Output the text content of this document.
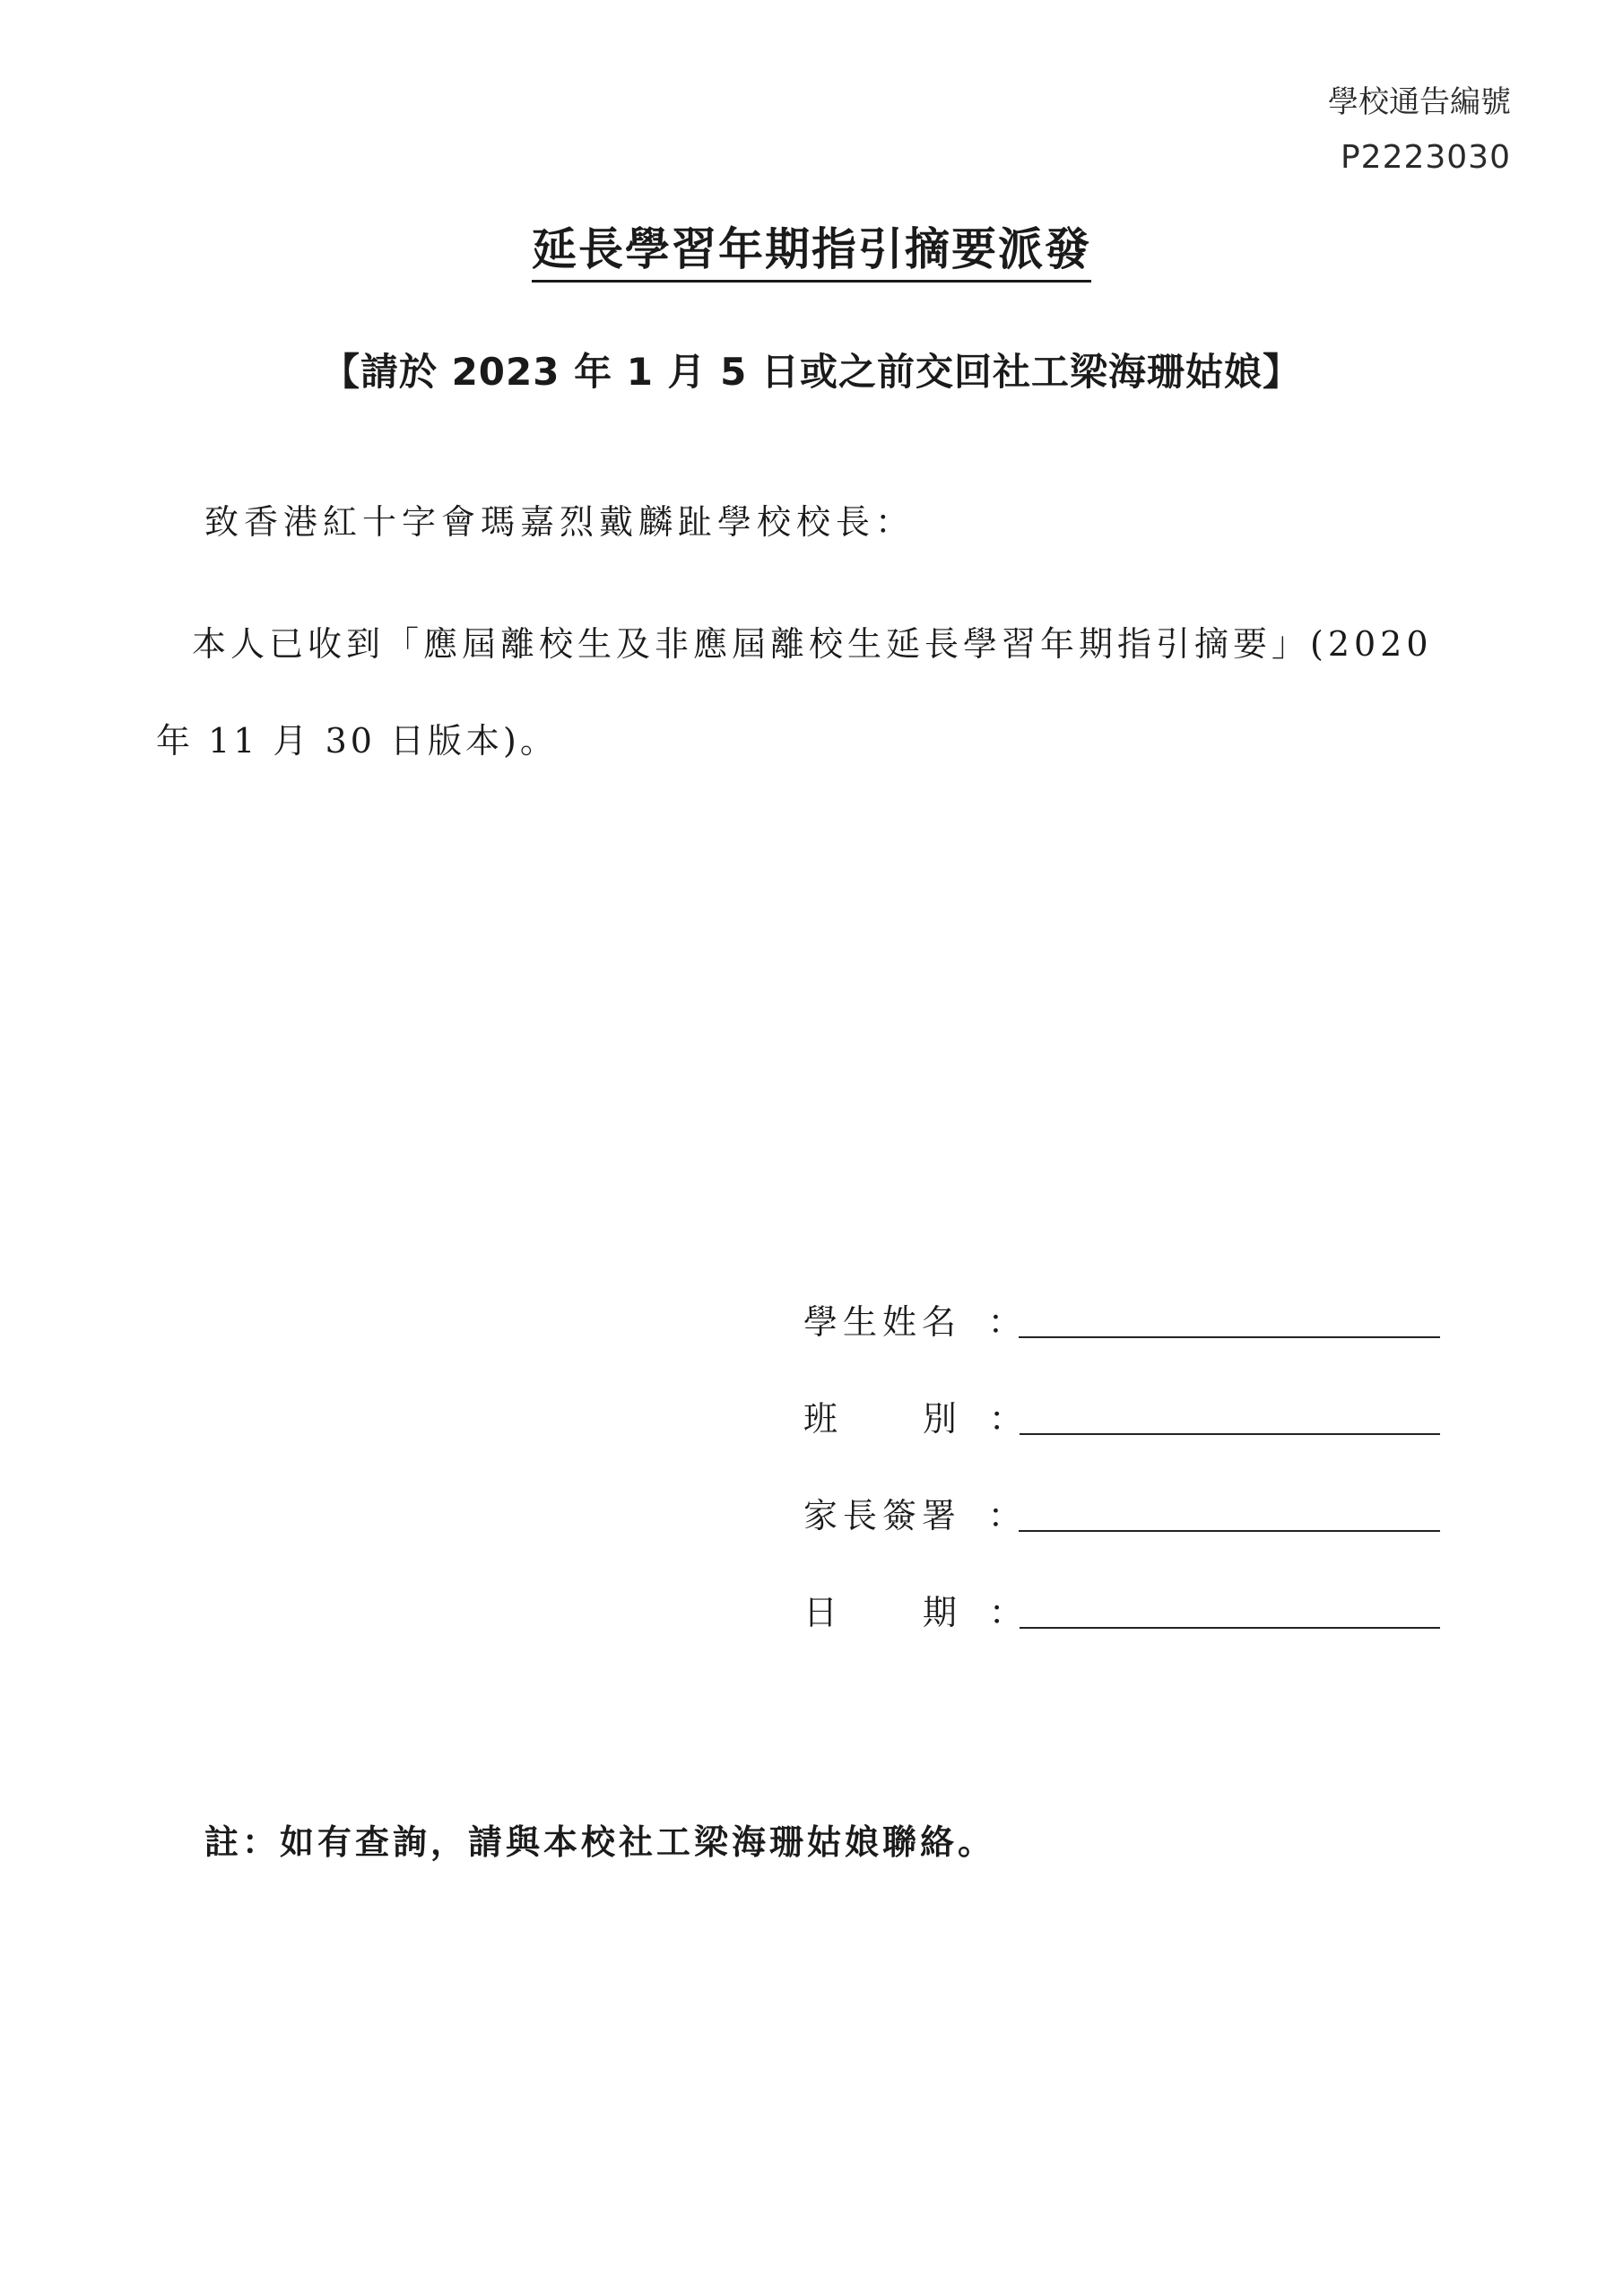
學校通告編號
P2223030
延長學習年期指引摘要派發
【請於 2023 年 1 月 5 日或之前交回社工梁海珊姑娘】
致香港紅十字會瑪嘉烈戴麟趾學校校長：
本人已收到「應屆離校生及非應屆離校生延長學習年期指引摘要」(2020
年 11 月 30 日版本)。
學生姓名 ：
班 別 ：
家長簽署 ：
日 期 ：
註：如有查詢，請與本校社工梁海珊姑娘聯絡。
